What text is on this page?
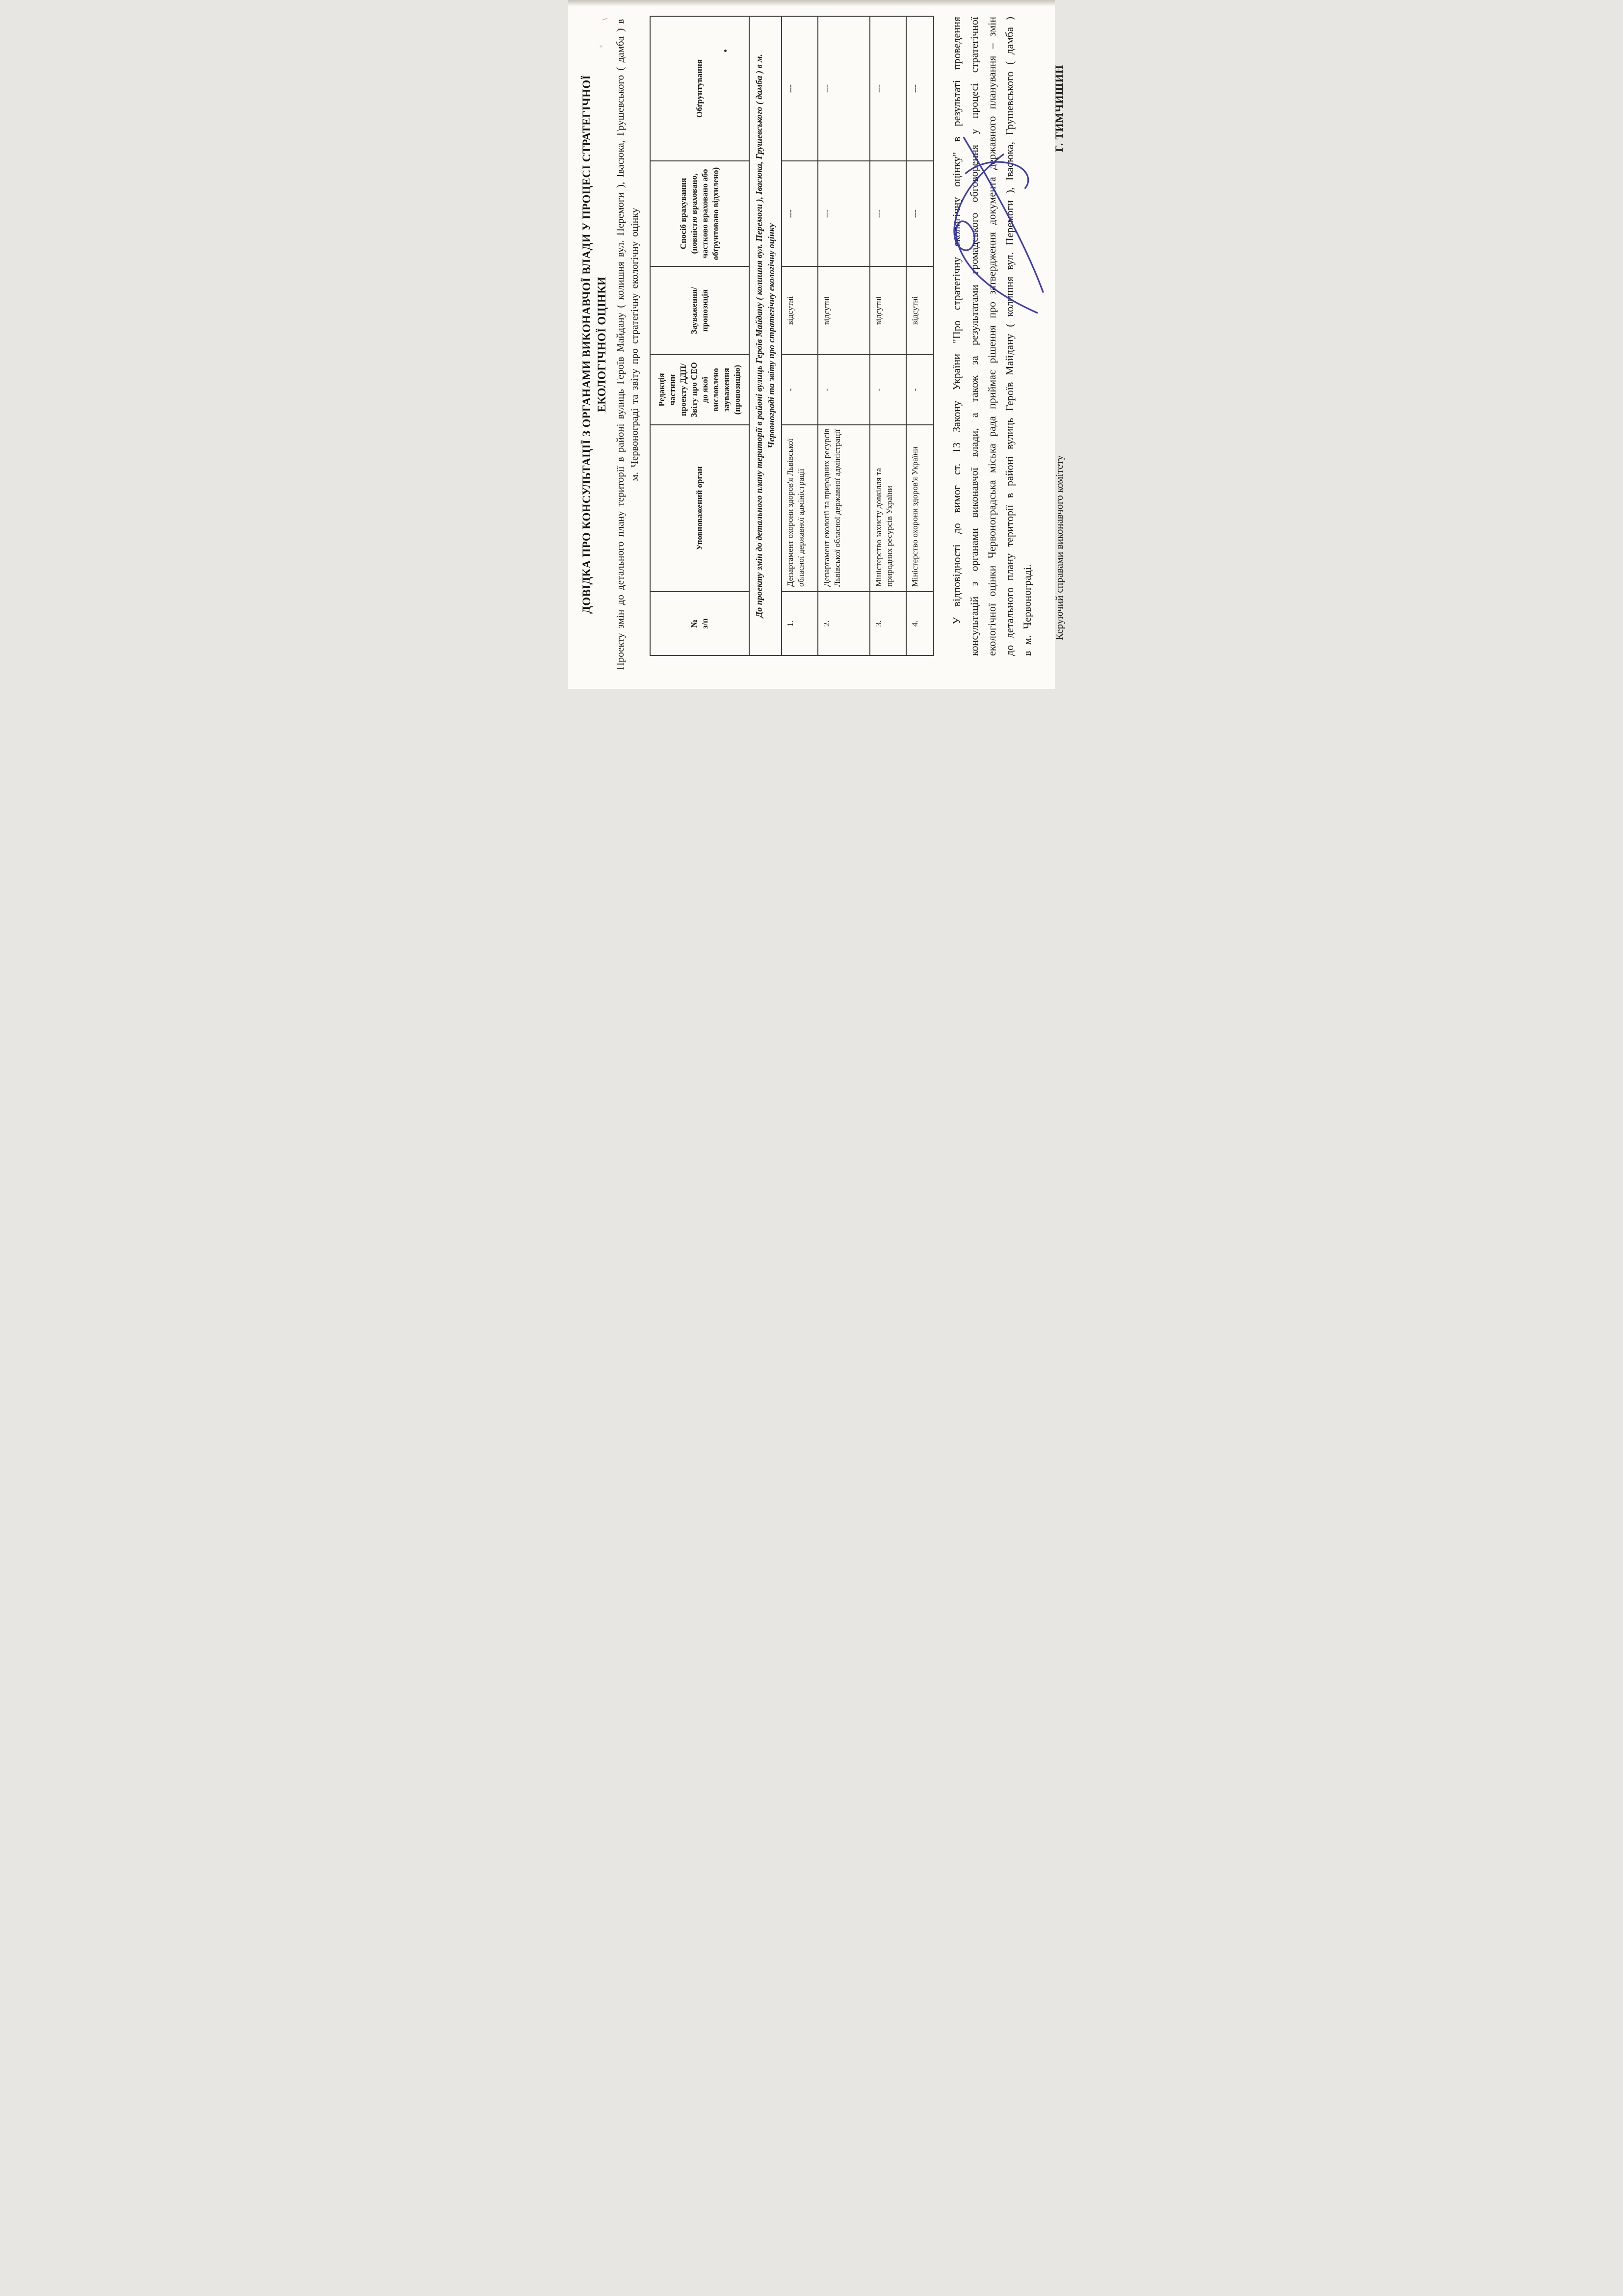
ДОВІДКА ПРО КОНСУЛЬТАЦІЇ З ОРГАНАМИ ВИКОНАВЧОЇ ВЛАДИ У ПРОЦЕСІ СТРАТЕГІЧНОЇ ЕКОЛОГІЧНОЇ ОЦІНКИ Проекту змін до детального плану території в районі вулиць Героїв Майдану ( колишня вул. Перемоги ), Івасюка, Грушевського ( дамба ) в м. Червонограді та звіту про стратегічну екологічну оцінку

№ з/п	Уповноважений орган	Редакція частини проекту ДДП/Звіту про СЕО до якої висловлено зауваження (пропозицію)	Зауваження/ пропозиція	Спосіб врахування (повністю враховано, частково враховано або обґрунтовано відхилено)	Обґрунтування
До проекту змін до детального плану території в районі вулиць Героїв Майдану ( колишня вул. Перемоги ), Івасюка, Грушевського ( дамба ) в м. Червонограді та звіту про стратегічну екологічну оцінку					
1.	Департамент охорони здоров'я Львівської обласної державної адміністрації	-	відсутні	---	---
2.	Департамент екології та природних ресурсів Львівської обласної державної адміністрації	-	відсутні	---	---
3.	Міністерство захисту довкілля та природних ресурсів України	-	відсутні	---	---
4.	Міністерство охорони здоров'я України	-	відсутні	---	---	У відповідності до вимог ст. 13 Закону України "Про стратегічну екологічну оцінку" в результаті проведення консультацій з органами виконавчої влади, а також за результатами громадського обговорення у процесі стратегічної екологічної оцінки Червоноградська міська рада приймає рішення про затвердження документа державного планування – змін до детального плану території в районі вулиць Героїв Майдану ( колишня вул. Перемоги ), Івасюка, Грушевського ( дамба ) в м. Червонограді. Керуючий справами виконавчого комітету
Г. ТИМЧИШИН
